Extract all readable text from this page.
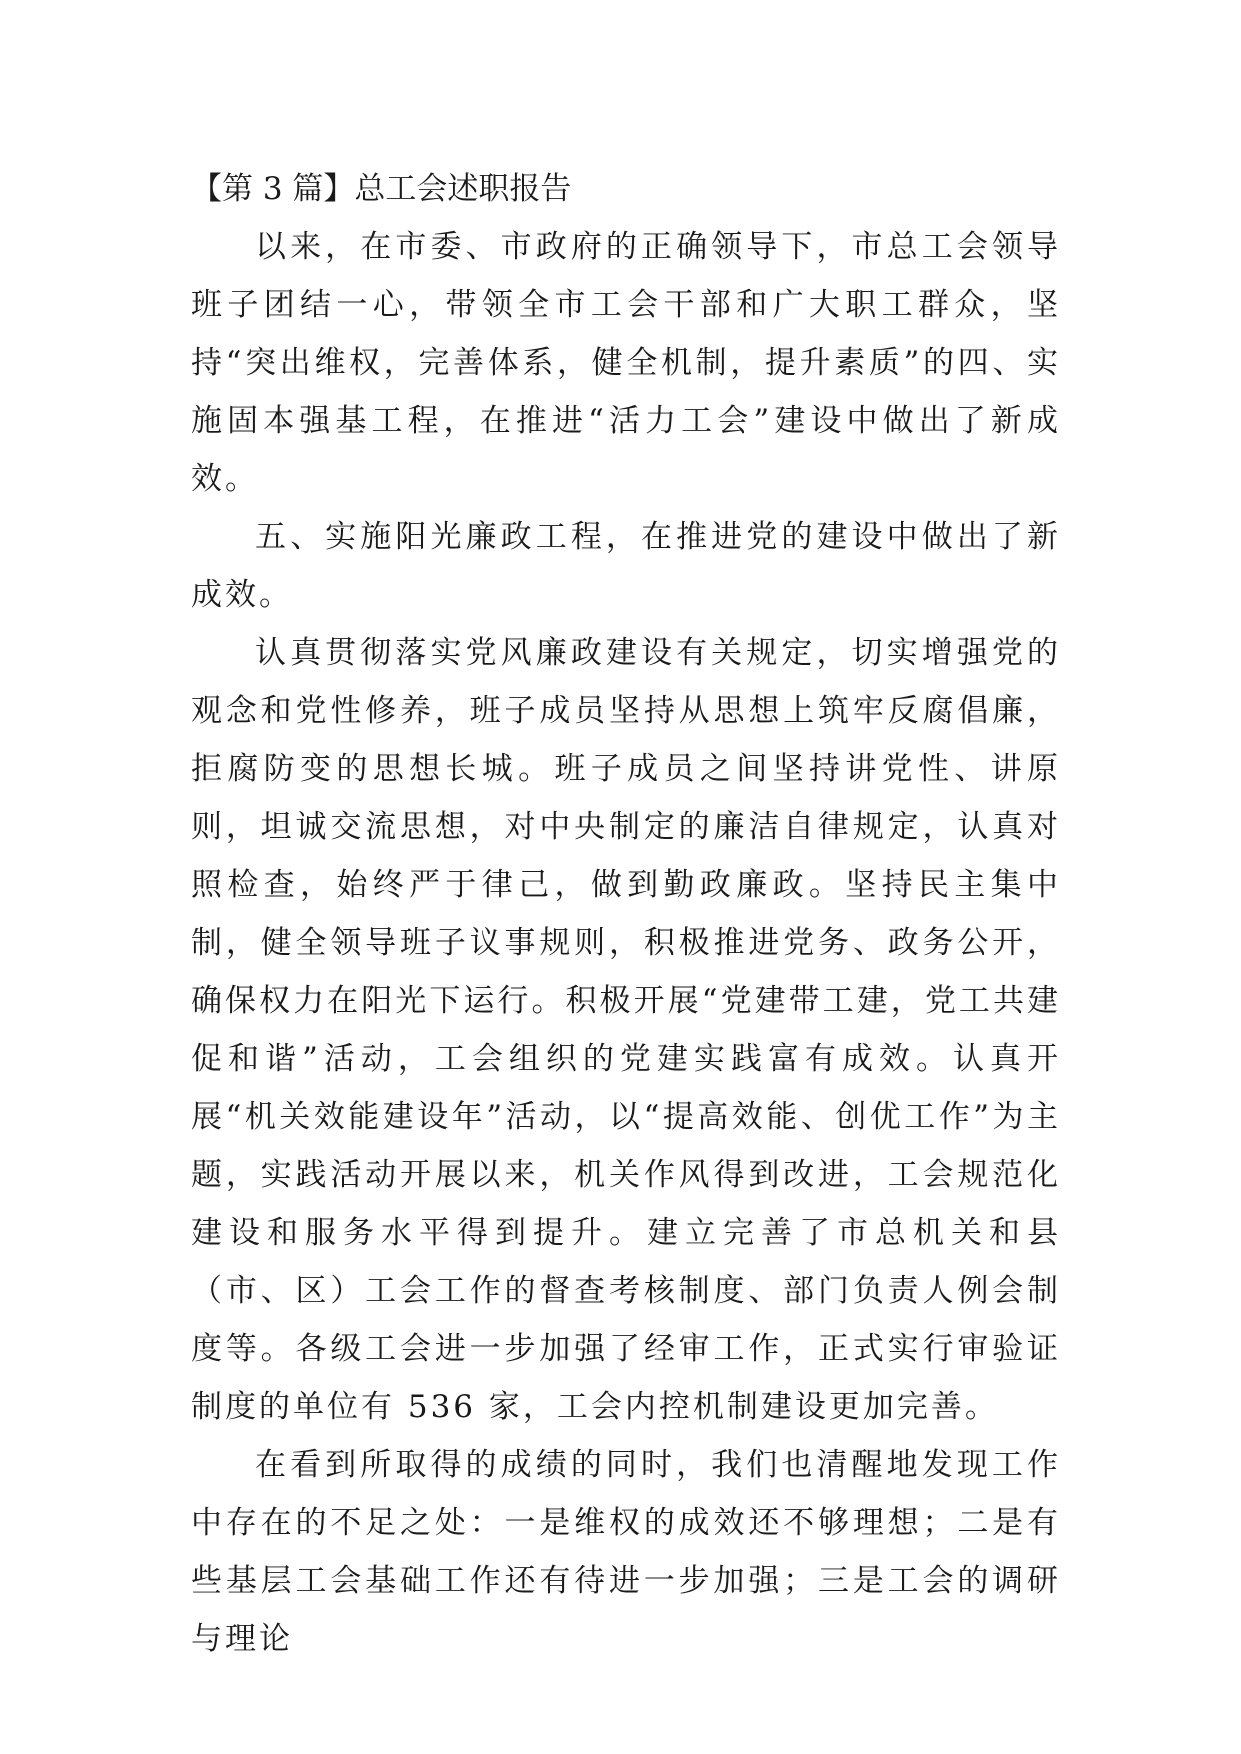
【第 3 篇】总工会述职报告

以来，在市委、市政府的正确领导下，市总工会领导班子团结一心，带领全市工会干部和广大职工群众，坚持“突出维权，完善体系，健全机制，提升素质”的四、实施固本强基工程，在推进“活力工会”建设中做出了新成效。

五、实施阳光廉政工程，在推进党的建设中做出了新成效。

认真贯彻落实党风廉政建设有关规定，切实增强党的观念和党性修养，班子成员坚持从思想上筑牢反腐倡廉，拒腐防变的思想长城。班子成员之间坚持讲党性、讲原则，坦诚交流思想，对中央制定的廉洁自律规定，认真对照检查，始终严于律己，做到勤政廉政。坚持民主集中制，健全领导班子议事规则，积极推进党务、政务公开，确保权力在阳光下运行。积极开展“党建带工建，党工共建促和谐”活动，工会组织的党建实践富有成效。认真开展“机关效能建设年”活动，以“提高效能、创优工作”为主题，实践活动开展以来，机关作风得到改进，工会规范化建设和服务水平得到提升。建立完善了市总机关和县（市、区）工会工作的督查考核制度、部门负责人例会制度等。各级工会进一步加强了经审工作，正式实行审验证制度的单位有 536 家，工会内控机制建设更加完善。

在看到所取得的成绩的同时，我们也清醒地发现工作中存在的不足之处：一是维权的成效还不够理想；二是有些基层工会基础工作还有待进一步加强；三是工会的调研与理论
